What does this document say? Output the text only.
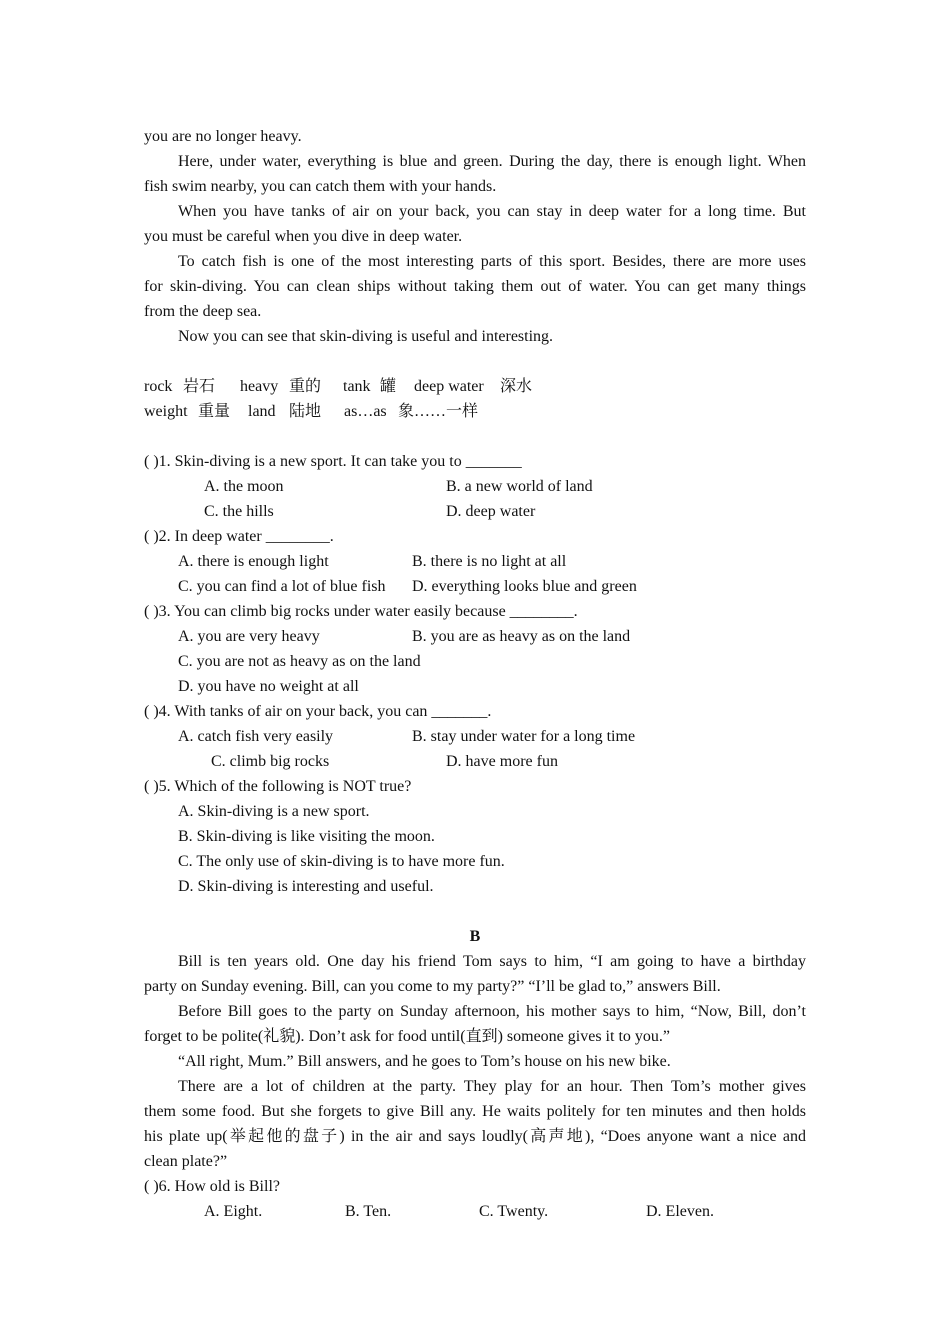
you are no longer heavy.
Here, under water, everything is blue and green. During the day, there is enough light. When
fish swim nearby, you can catch them with your hands.
When you have tanks of air on your back, you can stay in deep water for a long time. But
you must be careful when you dive in deep water.
To catch fish is one of the most interesting parts of this sport. Besides, there are more uses
for skin-diving. You can clean ships without taking them out of water. You can get many things
from the deep sea.
Now you can see that skin-diving is useful and interesting.
rock 岩石 heavy 重的 tank 罐 deep water 深水
weight 重量 land 陆地 as…as 象……一样
( )1. Skin-diving is a new sport. It can take you to _______
A. the moon	B. a new world of land
C. the hills	D. deep water
( )2. In deep water ________.
A. there is enough light	B. there is no light at all
C. you can find a lot of blue fish D. everything looks blue and green
( )3. You can climb big rocks under water easily because ________.
A. you are very heavy	B. you are as heavy as on the land
C. you are not as heavy as on the land
D. you have no weight at all
( )4. With tanks of air on your back, you can _______.
A. catch fish very easily	B. stay under water for a long time
C. climb big rocks	D. have more fun
( )5. Which of the following is NOT true?
A. Skin-diving is a new sport.
B. Skin-diving is like visiting the moon.
C. The only use of skin-diving is to have more fun.
D. Skin-diving is interesting and useful.
B
Bill is ten years old. One day his friend Tom says to him, “I am going to have a birthday
party on Sunday evening. Bill, can you come to my party?” “I’ll be glad to,” answers Bill.
Before Bill goes to the party on Sunday afternoon, his mother says to him, “Now, Bill, don’t
forget to be polite(礼貌). Don’t ask for food until(直到) someone gives it to you.”
“All right, Mum.” Bill answers, and he goes to Tom’s house on his new bike.
There are a lot of children at the party. They play for an hour. Then Tom’s mother gives
them some food. But she forgets to give Bill any. He waits politely for ten minutes and then holds
his plate up(举起他的盘子) in the air and says loudly(高声地), “Does anyone want a nice and
clean plate?”
( )6. How old is Bill?
A. Eight.	B. Ten.	C. Twenty.	D. Eleven.
